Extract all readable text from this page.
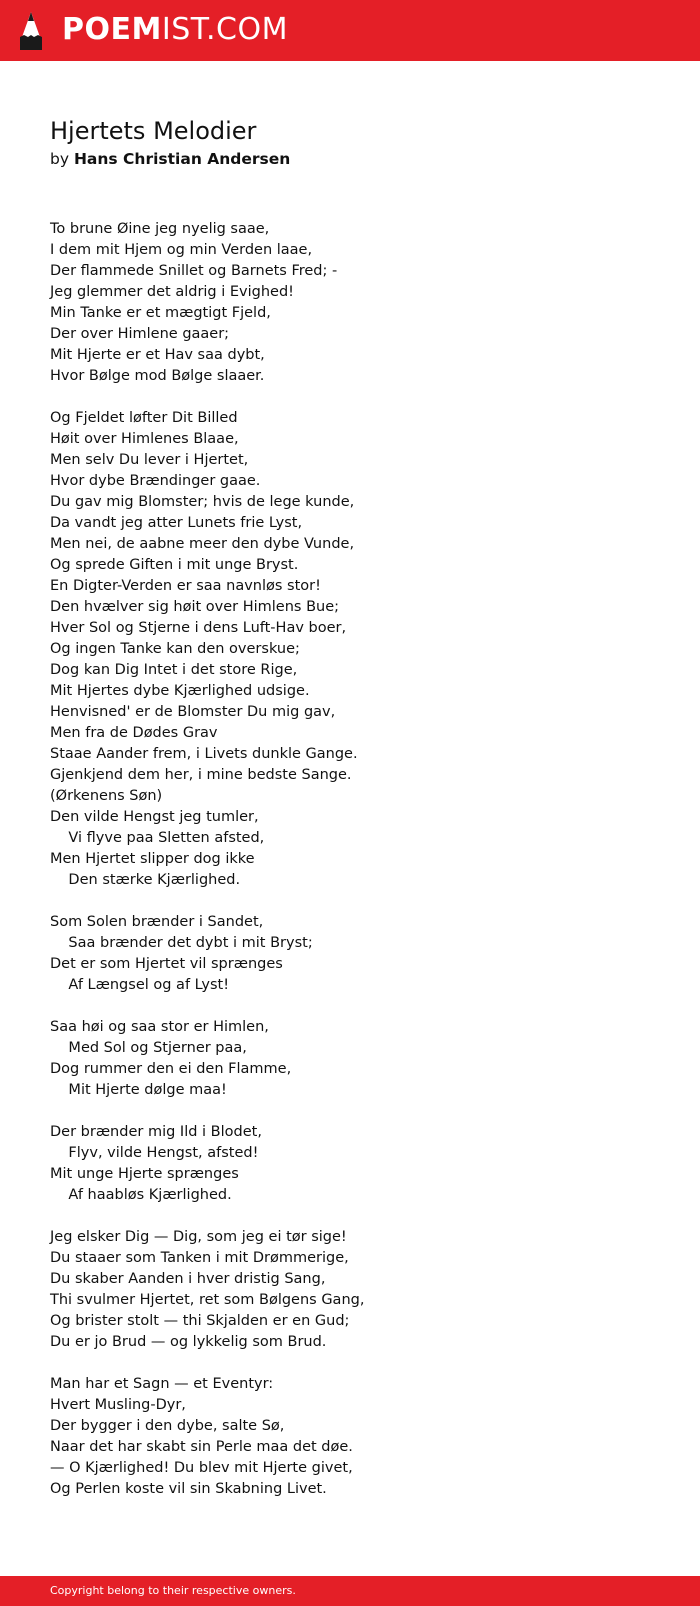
POEMIST.COM
Hjertets Melodier
by Hans Christian Andersen
To brune Øine jeg nyelig saae,
I dem mit Hjem og min Verden laae,
Der flammede Snillet og Barnets Fred; -
Jeg glemmer det aldrig i Evighed!
Min Tanke er et mægtigt Fjeld,
Der over Himlene gaaer;
Mit Hjerte er et Hav saa dybt,
Hvor Bølge mod Bølge slaaer.
Og Fjeldet løfter Dit Billed
Høit over Himlenes Blaae,
Men selv Du lever i Hjertet,
Hvor dybe Brændinger gaae.
Du gav mig Blomster; hvis de lege kunde,
Da vandt jeg atter Lunets frie Lyst,
Men nei, de aabne meer den dybe Vunde,
Og sprede Giften i mit unge Bryst.
En Digter-Verden er saa navnløs stor!
Den hvælver sig høit over Himlens Bue;
Hver Sol og Stjerne i dens Luft-Hav boer,
Og ingen Tanke kan den overskue;
Dog kan Dig Intet i det store Rige,
Mit Hjertes dybe Kjærlighed udsige.
Henvisned' er de Blomster Du mig gav,
Men fra de Dødes Grav
Staae Aander frem, i Livets dunkle Gange.
Gjenkjend dem her, i mine bedste Sange.
(Ørkenens Søn)
Den vilde Hengst jeg tumler,
Vi flyve paa Sletten afsted,
Men Hjertet slipper dog ikke
Den stærke Kjærlighed.
Som Solen brænder i Sandet,
Saa brænder det dybt i mit Bryst;
Det er som Hjertet vil sprænges
Af Længsel og af Lyst!
Saa høi og saa stor er Himlen,
Med Sol og Stjerner paa,
Dog rummer den ei den Flamme,
Mit Hjerte dølge maa!
Der brænder mig Ild i Blodet,
Flyv, vilde Hengst, afsted!
Mit unge Hjerte sprænges
Af haabløs Kjærlighed.
Jeg elsker Dig — Dig, som jeg ei tør sige!
Du staaer som Tanken i mit Drømmerige,
Du skaber Aanden i hver dristig Sang,
Thi svulmer Hjertet, ret som Bølgens Gang,
Og brister stolt — thi Skjalden er en Gud;
Du er jo Brud — og lykkelig som Brud.
Man har et Sagn — et Eventyr:
Hvert Musling-Dyr,
Der bygger i den dybe, salte Sø,
Naar det har skabt sin Perle maa det døe.
— O Kjærlighed! Du blev mit Hjerte givet,
Og Perlen koste vil sin Skabning Livet.
Copyright belong to their respective owners.
